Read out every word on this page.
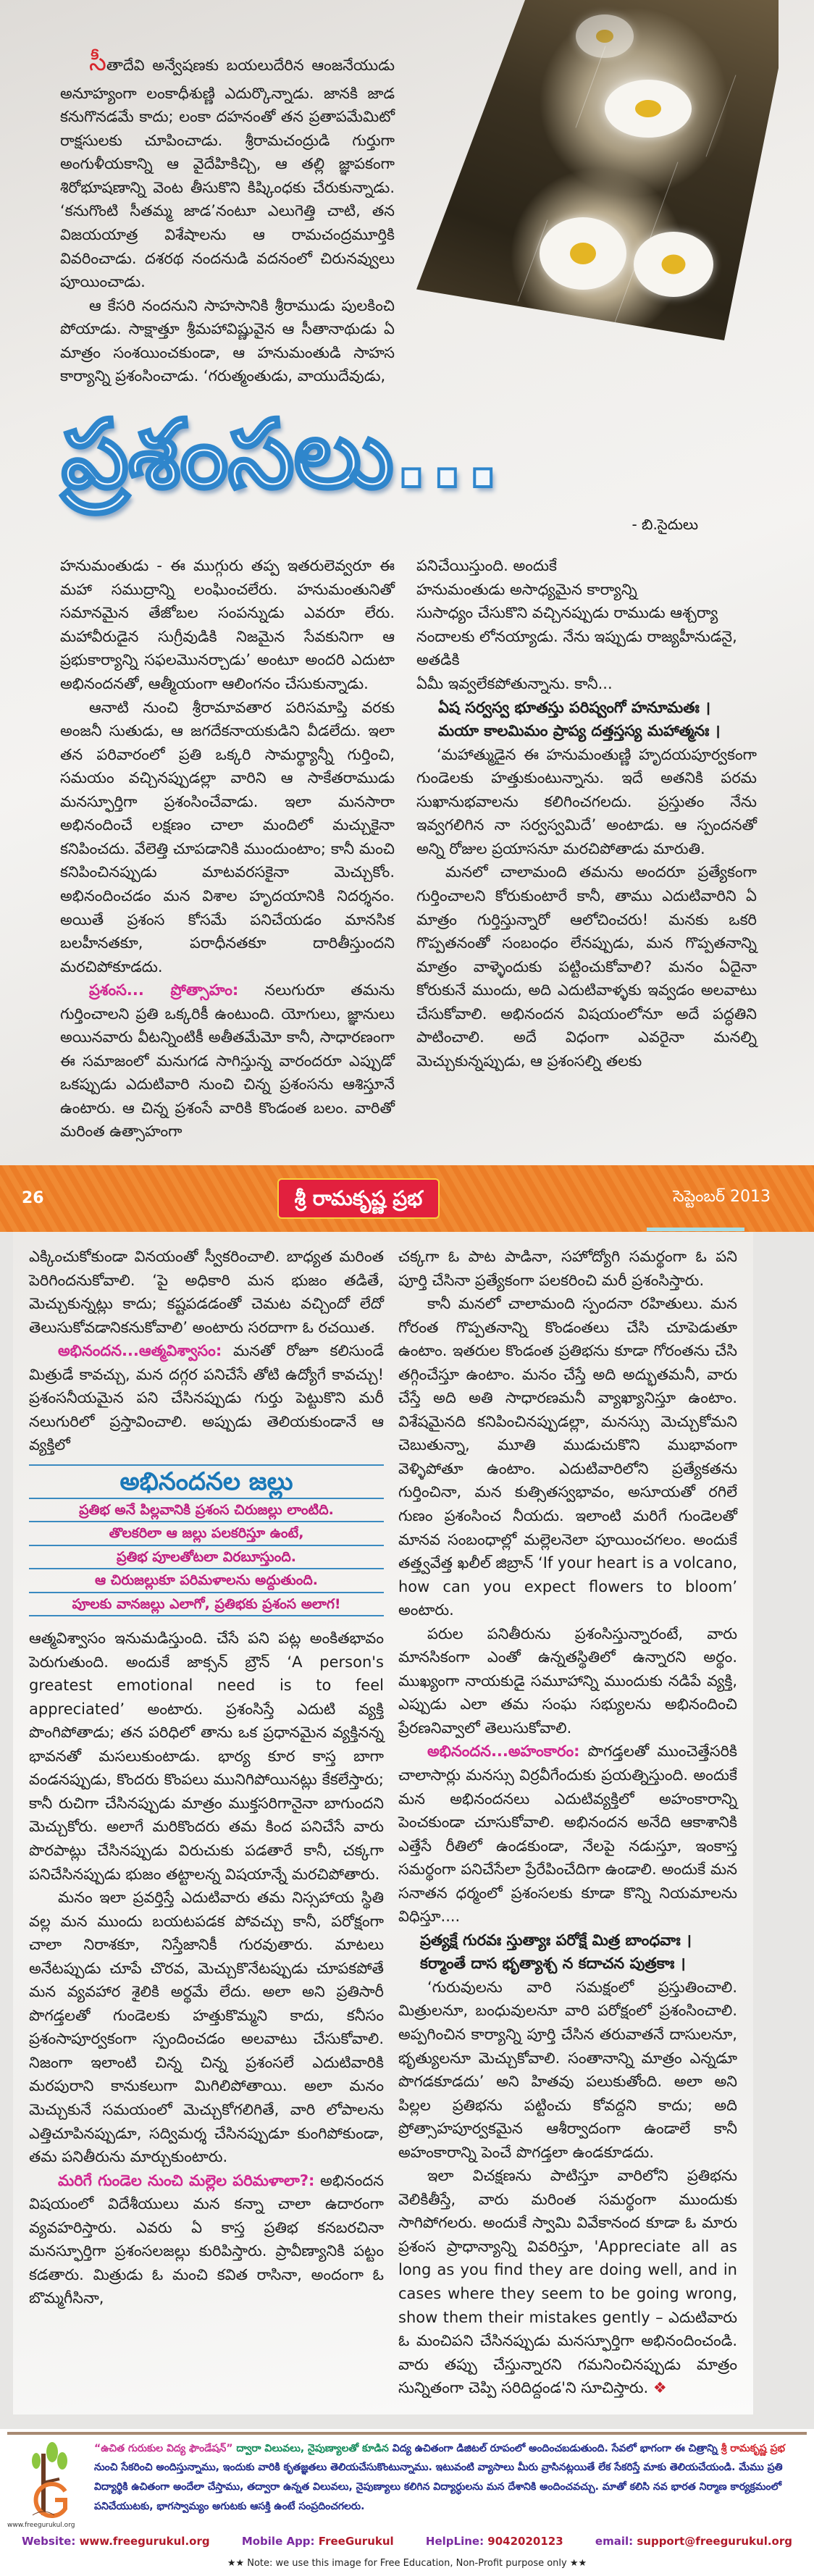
సీతాదేవి అన్వేషణకు బయలుదేరిన ఆంజనేయుడు అనూహ్యంగా లంకాధీశుణ్ణి ఎదుర్కొన్నాడు. జానకి జాడ కనుగొనడమే కాదు; లంకా దహనంతో తన ప్రతాపమేమిటో రాక్షసులకు చూపించాడు. శ్రీరామచంద్రుడి గుర్తుగా అంగుళీయకాన్ని ఆ వైదేహికిచ్చి, ఆ తల్లి జ్ఞాపకంగా శిరోభూషణాన్ని వెంట తీసుకొని కిష్కింధకు చేరుకున్నాడు. ‘కనుగొంటి సీతమ్మ జాడ’నంటూ ఎలుగెత్తి చాటి, తన విజయయాత్ర విశేషాలను ఆ రామచంద్రమూర్తికి వివరించాడు. దశరథ నందనుడి వదనంలో చిరునవ్వులు పూయించాడు.

ఆ కేసరి నందనుని సాహసానికి శ్రీరాముడు పులకించి పోయాడు. సాక్షాత్తూ శ్రీమహావిష్ణువైన ఆ సీతానాథుడు ఏ మాత్రం సంశయించకుండా, ఆ హనుమంతుడి సాహస కార్యాన్ని ప్రశంసించాడు. ‘గరుత్మంతుడు, వాయుదేవుడు,

ప్రశంసలు...
- బి.సైదులు

హనుమంతుడు - ఈ ముగ్గురు తప్ప ఇతరులెవ్వరూ ఈ మహా సముద్రాన్ని లంఘించలేరు. హనుమంతునితో సమానమైన తేజోబల సంపన్నుడు ఎవరూ లేరు. మహావీరుడైన సుగ్రీవుడికి నిజమైన సేవకునిగా ఆ ప్రభుకార్యాన్ని సఫలమొనర్చాడు’ అంటూ అందరి ఎదుటా అభినందనతో, ఆత్మీయంగా ఆలింగనం చేసుకున్నాడు.

ఆనాటి నుంచి శ్రీరామావతార పరిసమాప్తి వరకు అంజనీ సుతుడు, ఆ జగదేకనాయకుడిని వీడలేదు. ఇలా తన పరివారంలో ప్రతి ఒక్కరి సామర్థ్యాన్నీ గుర్తించి, సమయం వచ్చినప్పుడల్లా వారిని ఆ సాకేతరాముడు మనస్ఫూర్తిగా ప్రశంసించేవాడు. ఇలా మనసారా అభినందించే లక్షణం చాలా మందిలో మచ్చుకైనా కనిపించదు. వేలెత్తి చూపడానికి ముందుంటాం; కానీ మంచి కనిపించినప్పుడు మాటవరసకైనా మెచ్చుకోం. అభినందించడం మన విశాల హృదయానికి నిదర్శనం. అయితే ప్రశంస కోసమే పనిచేయడం మానసిక బలహీనతకూ, పరాధీనతకూ దారితీస్తుందని మరచిపోకూడదు.

ప్రశంస... ప్రోత్సాహం: నలుగురూ తమను గుర్తించాలని ప్రతి ఒక్కరికీ ఉంటుంది. యోగులు, జ్ఞానులు అయినవారు వీటన్నింటికీ అతీతమేమో కానీ, సాధారణంగా ఈ సమాజంలో మనుగడ సాగిస్తున్న వారందరూ ఎప్పుడో ఒకప్పుడు ఎదుటివారి నుంచి చిన్న ప్రశంసను ఆశిస్తూనే ఉంటారు. ఆ చిన్న ప్రశంసే వారికి కొండంత బలం. వారితో మరింత ఉత్సాహంగా

పనిచేయిస్తుంది. అందుకే
హనుమంతుడు అసాధ్యమైన కార్యాన్ని
సుసాధ్యం చేసుకొని వచ్చినప్పుడు రాముడు ఆశ్చర్యా
నందాలకు లోనయ్యాడు. నేను ఇప్పుడు రాజ్యహీనుడనై, అతడికి
ఏమీ ఇవ్వలేకపోతున్నాను. కానీ...
ఏష సర్వస్వ భూతస్తు పరిష్వంగో హనూమతః ।
మయా కాలమిమం ప్రాప్య దత్తస్తస్య మహాత్మనః ।

‘మహాత్ముడైన ఈ హనుమంతుణ్ణి హృదయపూర్వకంగా గుండెలకు హత్తుకుంటున్నాను. ఇదే అతనికి పరమ సుఖానుభవాలను కలిగించగలదు. ప్రస్తుతం నేను ఇవ్వగలిగిన నా సర్వస్వమిదే’ అంటాడు. ఆ స్పందనతో అన్ని రోజుల ప్రయాసనూ మరచిపోతాడు మారుతి.

మనలో చాలామంది తమను అందరూ ప్రత్యేకంగా గుర్తించాలని కోరుకుంటారే కానీ, తాము ఎదుటివారిని ఏ మాత్రం గుర్తిస్తున్నారో ఆలోచించరు! మనకు ఒకరి గొప్పతనంతో సంబంధం లేనప్పుడు, మన గొప్పతనాన్ని మాత్రం వాళ్ళెందుకు పట్టించుకోవాలి? మనం ఏదైనా కోరుకునే ముందు, అది ఎదుటివాళ్ళకు ఇవ్వడం అలవాటు చేసుకోవాలి. అభినందన విషయంలోనూ అదే పద్ధతిని పాటించాలి. అదే విధంగా ఎవరైనా మనల్ని మెచ్చుకున్నప్పుడు, ఆ ప్రశంసల్ని తలకు

26	శ్రీ రామకృష్ణ ప్రభ	సెప్టెంబర్ 2013

ఎక్కించుకోకుండా వినయంతో స్వీకరించాలి. బాధ్యత మరింత పెరిగిందనుకోవాలి. ‘పై అధికారి మన భుజం తడితే, మెచ్చుకున్నట్లు కాదు; కష్టపడడంతో చెమట వచ్చిందో లేదో తెలుసుకోవడానికనుకోవాలి’ అంటారు సరదాగా ఓ రచయిత.

అభినందన...ఆత్మవిశ్వాసం: మనతో రోజూ కలిసుండే మిత్రుడే కావచ్చు, మన దగ్గర పనిచేసే తోటి ఉద్యోగే కావచ్చు! ప్రశంసనీయమైన పని చేసినప్పుడు గుర్తు పెట్టుకొని మరీ నలుగురిలో ప్రస్తావించాలి. అప్పుడు తెలియకుండానే ఆ వ్యక్తిలో

అభినందనల జల్లు
ప్రతిభ అనే పిల్లవానికి ప్రశంస చిరుజల్లు లాంటిది.
తొలకరిలా ఆ జల్లు పలకరిస్తూ ఉంటే,
ప్రతిభ పూలతోటలా విరబూస్తుంది.
ఆ చిరుజల్లుకూ పరిమళాలను అద్దుతుంది.
పూలకు వానజల్లు ఎలాగో, ప్రతిభకు ప్రశంస అలాగ!

ఆత్మవిశ్వాసం ఇనుమడిస్తుంది. చేసే పని పట్ల అంకితభావం పెరుగుతుంది. అందుకే జాక్సన్ బ్రౌన్ ‘A person's greatest emotional need is to feel appreciated’ అంటారు. ప్రశంసిస్తే ఎదుటి వ్యక్తి పొంగిపోతాడు; తన పరిధిలో తాను ఒక ప్రధానమైన వ్యక్తినన్న భావనతో మసలుకుంటాడు. భార్య కూర కాస్త బాగా వండనప్పుడు, కొందరు కొంపలు మునిగిపోయినట్లు కేకలేస్తారు; కానీ రుచిగా చేసినప్పుడు మాత్రం ముక్తసరిగానైనా బాగుందని మెచ్చుకోరు. అలాగే మరికొందరు తమ కింద పనిచేసే వారు పొరపాట్లు చేసినప్పుడు విరుచుకు పడతారే కానీ, చక్కగా పనిచేసినప్పుడు భుజం తట్టాలన్న విషయాన్నే మరచిపోతారు.

మనం ఇలా ప్రవర్తిస్తే ఎదుటివారు తమ నిస్సహాయ స్థితి వల్ల మన ముందు బయటపడక పోవచ్చు కానీ, పరోక్షంగా చాలా నిరాశకూ, నిస్తేజానికీ గురవుతారు. మాటలు అనేటప్పుడు చూపే చొరవ, మెచ్చుకొనేటప్పుడు చూపకపోతే మన వ్యవహార శైలికి అర్థమే లేదు. అలా అని ప్రతిసారీ పొగడ్తలతో గుండెలకు హత్తుకొమ్మని కాదు, కనీసం ప్రశంసాపూర్వకంగా స్పందించడం అలవాటు చేసుకోవాలి. నిజంగా ఇలాంటి చిన్న చిన్న ప్రశంసలే ఎదుటివారికి మరపురాని కానుకలుగా మిగిలిపోతాయి. అలా మనం మెచ్చుకునే సమయంలో మెచ్చుకోగలిగితే, వారి లోపాలను ఎత్తిచూపినప్పుడూ, సద్విమర్శ చేసినప్పుడూ కుంగిపోకుండా, తమ పనితీరును మార్చుకుంటారు.

మరిగే గుండెల నుంచి మల్లెల పరిమళాలా?: అభినందన విషయంలో విదేశీయులు మన కన్నా చాలా ఉదారంగా వ్యవహరిస్తారు. ఎవరు ఏ కాస్త ప్రతిభ కనబరచినా మనస్ఫూర్తిగా ప్రశంసలజల్లు కురిపిస్తారు. ప్రావీణ్యానికి పట్టం కడతారు. మిత్రుడు ఓ మంచి కవిత రాసినా, అందంగా ఓ బొమ్మగీసినా,

చక్కగా ఓ పాట పాడినా, సహోద్యోగి సమర్థంగా ఓ పని పూర్తి చేసినా ప్రత్యేకంగా పలకరించి మరీ ప్రశంసిస్తారు.

కానీ మనలో చాలామంది స్పందనా రహితులు. మన గోరంత గొప్పతనాన్ని కొండంతలు చేసి చూపెడుతూ ఉంటాం. ఇతరుల కొండంత ప్రతిభను కూడా గోరంతను చేసి తగ్గించేస్తూ ఉంటాం. మనం చేస్తే అది అద్భుతమనీ, వారు చేస్తే అది అతి సాధారణమనీ వ్యాఖ్యానిస్తూ ఉంటాం. విశేషమైనది కనిపించినప్పుడల్లా, మనస్సు మెచ్చుకోమని చెబుతున్నా, మూతి ముడుచుకొని ముభావంగా వెళ్ళిపోతూ ఉంటాం. ఎదుటివారిలోని ప్రత్యేకతను గుర్తించినా, మన కుత్సితస్వభావం, అసూయతో రగిలే గుణం ప్రశంసించ నీయదు. ఇలాంటి మరిగే గుండెలతో మానవ సంబంధాల్లో మల్లెలనెలా పూయించగలం. అందుకే తత్త్వవేత్త ఖలీల్ జిబ్రాన్ ‘If your heart is a volcano, how can you expect flowers to bloom’ అంటారు.

పరుల పనితీరును ప్రశంసిస్తున్నారంటే, వారు మానసికంగా ఎంతో ఉన్నతస్థితిలో ఉన్నారని అర్థం. ముఖ్యంగా నాయకుడై సమూహాన్ని ముందుకు నడిపే వ్యక్తి, ఎప్పుడు ఎలా తమ సంఘ సభ్యులను అభినందించి ప్రేరణనివ్వాలో తెలుసుకోవాలి.

అభినందన...అహంకారం: పొగడ్తలతో ముంచెత్తేసరికి చాలాసార్లు మనస్సు విర్రవీగేందుకు ప్రయత్నిస్తుంది. అందుకే మన అభినందనలు ఎదుటివ్యక్తిలో అహంకారాన్ని పెంచకుండా చూసుకోవాలి. అభినందన అనేది ఆకాశానికి ఎత్తేసే రీతిలో ఉండకుండా, నేలపై నడుస్తూ, ఇంకాస్త సమర్థంగా పనిచేసేలా ప్రేరేపించేదిగా ఉండాలి. అందుకే మన సనాతన ధర్మంలో ప్రశంసలకు కూడా కొన్ని నియమాలను విధిస్తూ....

ప్రత్యక్షే గురవః స్తుత్యాః పరోక్షే మిత్ర బాంధవాః ।

కర్మాంతే దాస భృత్యాశ్చ న కదాచన పుత్రకాః ।

‘గురువులను వారి సమక్షంలో ప్రస్తుతించాలి. మిత్రులనూ, బంధువులనూ వారి పరోక్షంలో ప్రశంసించాలి. అప్పగించిన కార్యాన్ని పూర్తి చేసిన తరువాతనే దాసులనూ, భృత్యులనూ మెచ్చుకోవాలి. సంతానాన్ని మాత్రం ఎన్నడూ పొగడకూడదు’ అని హితవు పలుకుతోంది. అలా అని పిల్లల ప్రతిభను పట్టించు కోవద్దని కాదు; అది ప్రోత్సాహపూర్వకమైన ఆశీర్వాదంగా ఉండాలే కానీ అహంకారాన్ని పెంచే పొగడ్తలా ఉండకూడదు.

ఇలా విచక్షణను పాటిస్తూ వారిలోని ప్రతిభను వెలికితీస్తే, వారు మరింత సమర్థంగా ముందుకు సాగిపోగలరు. అందుకే స్వామి వివేకానంద కూడా ఓ మారు ప్రశంస ప్రాధాన్యాన్ని వివరిస్తూ, 'Appreciate all as long as you find they are doing well, and in cases where they seem to be going wrong, show them their mistakes gently – ఎదుటివారు ఓ మంచిపని చేసినప్పుడు మనస్ఫూర్తిగా అభినందించండి. వారు తప్పు చేస్తున్నారని గమనించినప్పుడు మాత్రం సున్నితంగా చెప్పి సరిదిద్దండ'ని సూచిస్తారు. ❖

www.freegurukul.org
“ఉచిత గురుకుల విద్య ఫౌండేషన్” ద్వారా విలువలు, నైపుణ్యాలతో కూడిన విద్య ఉచితంగా డిజిటల్ రూపంలో అందించబడుతుంది. సేవలో భాగంగా ఈ చిత్రాన్ని శ్రీ రామకృష్ణ ప్రభ నుంచి సేకరించి అందిస్తున్నాము, ఇందుకు వారికి కృతజ్ఞతలు తెలియచేసుకొంటున్నాము. ఇటువంటి వ్యాసాలు మీరు వ్రాసినట్లయితే లేక సేకరిస్తే మాకు తెలియచేయండి. మేము ప్రతి విద్యార్థికి ఉచితంగా అందేలా చేస్తాము, తద్వారా ఉన్నత విలువలు, నైపుణ్యాలు కలిగిన విద్యార్ధులను మన దేశానికి అందించవచ్చు. మాతో కలిసి నవ భారత నిర్మాణ కార్యక్రమంలో పనిచేయుటకు, భాగస్వామ్యం అగుటకు ఆసక్తి ఉంటే సంప్రదించగలరు.
Website: www.freegurukul.org	Mobile App: FreeGurukul	HelpLine: 9042020123	email: support@freegurukul.org
★★ Note: we use this image for Free Education, Non-Profit purpose only ★★
